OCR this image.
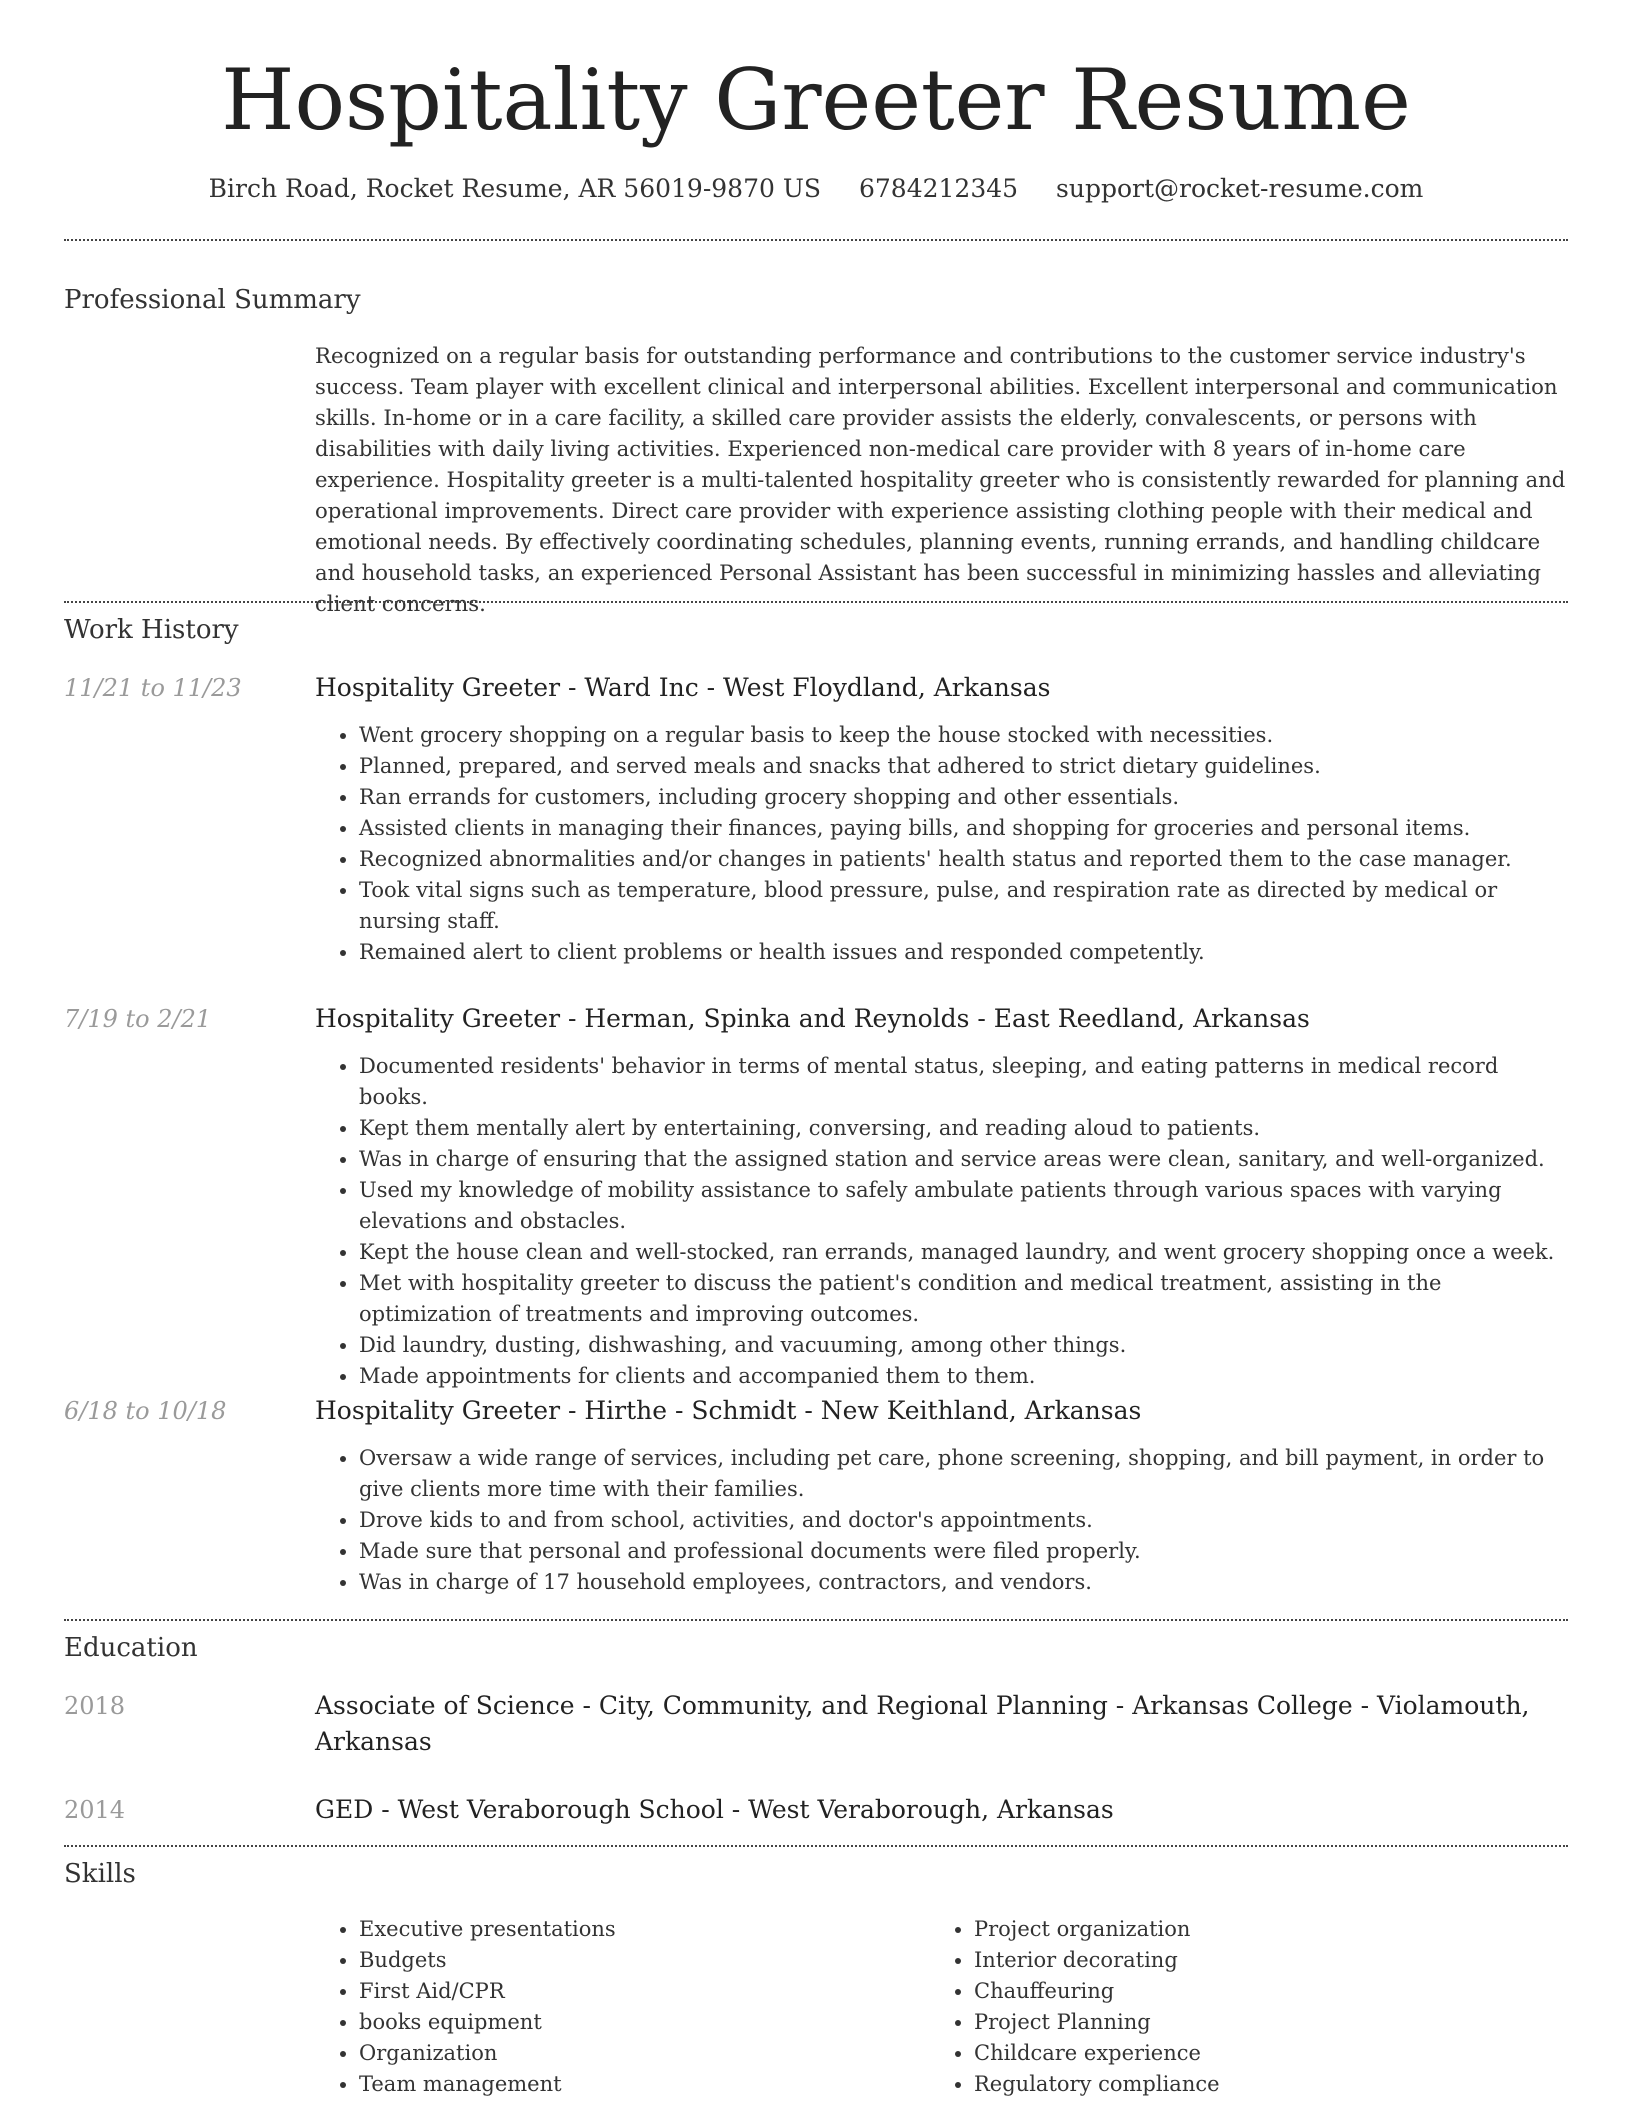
Hospitality Greeter Resume
Birch Road, Rocket Resume, AR 56019-9870 US 6784212345 support@rocket-resume.com
Professional Summary

Recognized on a regular basis for outstanding performance and contributions to the customer service industry's success. Team player with excellent clinical and interpersonal abilities. Excellent interpersonal and communication skills. In-home or in a care facility, a skilled care provider assists the elderly, convalescents, or persons with disabilities with daily living activities. Experienced non-medical care provider with 8 years of in-home care experience. Hospitality greeter is a multi-talented hospitality greeter who is consistently rewarded for planning and operational improvements. Direct care provider with experience assisting clothing people with their medical and emotional needs. By effectively coordinating schedules, planning events, running errands, and handling childcare and household tasks, an experienced Personal Assistant has been successful in minimizing hassles and alleviating client concerns.

Work History
11/21 to 11/23	Hospitality Greeter - Ward Inc - West Floydland, Arkansas
• Went grocery shopping on a regular basis to keep the house stocked with necessities.
• Planned, prepared, and served meals and snacks that adhered to strict dietary guidelines.
• Ran errands for customers, including grocery shopping and other essentials.
• Assisted clients in managing their finances, paying bills, and shopping for groceries and personal items.
• Recognized abnormalities and/or changes in patients' health status and reported them to the case manager.
• Took vital signs such as temperature, blood pressure, pulse, and respiration rate as directed by medical or nursing staff.
• Remained alert to client problems or health issues and responded competently.
7/19 to 2/21	Hospitality Greeter - Herman, Spinka and Reynolds - East Reedland, Arkansas
• Documented residents' behavior in terms of mental status, sleeping, and eating patterns in medical record books.
• Kept them mentally alert by entertaining, conversing, and reading aloud to patients.
• Was in charge of ensuring that the assigned station and service areas were clean, sanitary, and well-organized.
• Used my knowledge of mobility assistance to safely ambulate patients through various spaces with varying elevations and obstacles.
• Kept the house clean and well-stocked, ran errands, managed laundry, and went grocery shopping once a week.
• Met with hospitality greeter to discuss the patient's condition and medical treatment, assisting in the optimization of treatments and improving outcomes.
• Did laundry, dusting, dishwashing, and vacuuming, among other things.
• Made appointments for clients and accompanied them to them.
6/18 to 10/18	Hospitality Greeter - Hirthe - Schmidt - New Keithland, Arkansas
• Oversaw a wide range of services, including pet care, phone screening, shopping, and bill payment, in order to give clients more time with their families.
• Drove kids to and from school, activities, and doctor's appointments.
• Made sure that personal and professional documents were filed properly.
• Was in charge of 17 household employees, contractors, and vendors.
Education
2018	Associate of Science - City, Community, and Regional Planning - Arkansas College - Violamouth, Arkansas
2014	GED - West Veraborough School - West Veraborough, Arkansas
Skills
• Executive presentations
• Budgets
• First Aid/CPR
• books equipment
• Organization
• Team management
• Project organization
• Interior decorating
• Chauffeuring
• Project Planning
• Childcare experience
• Regulatory compliance
